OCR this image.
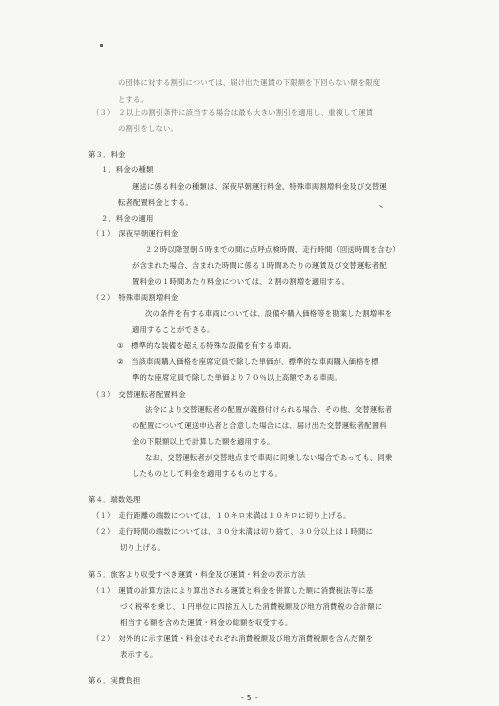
の団体に対する割引については、届け出た運賃の下限額を下回らない額を限度
とする。
（３）　２以上の割引条件に該当する場合は最も大きい割引を適用し、重複して運賃
の割引をしない。
第３．料金
１．料金の種類
運送に係る料金の種類は、深夜早朝運行料金、特殊車両割増料金及び交替運
転者配置料金とする。
２．料金の適用
（１）　深夜早朝運行料金
２２時以降翌朝５時までの間に点呼点検時間、走行時間（回送時間を含む）
が含まれた場合、含まれた時間に係る１時間あたりの運賃及び交替運転者配
置料金の１時間あたり料金については、２割の割増を適用する。
（２）　特殊車両割増料金
次の条件を有する車両については、設備や購入価格等を勘案した割増率を
適用することができる。
①　標準的な装備を超える特殊な設備を有する車両。
②　当該車両購入価格を座席定員で除した単価が、標準的な車両購入価格を標
準的な座席定員で除した単価より７０％以上高額である車両。
（３）　交替運転者配置料金
法令により交替運転者の配置が義務付けられる場合、その他、交替運転者
の配置について運送申込者と合意した場合には、届け出た交替運転者配置料
金の下限額以上で計算した額を適用する。
なお、交替運転者が交替地点まで車両に同乗しない場合であっても、同乗
したものとして料金を適用するものとする。
第４．端数処理
（１）　走行距離の端数については、１０キロ未満は１０キロに切り上げる。
（２）　走行時間の端数については、３０分未満は切り捨て、３０分以上は１時間に
切り上げる。
第５．旅客より収受すべき運賃・料金及び運賃・料金の表示方法
（１）　運賃の計算方法により算出される運賃と料金を併算した額に消費税法等に基
づく税率を乗じ、１円単位に四捨五入した消費税額及び地方消費税の合計額に
相当する額を含めた運賃・料金の総額を収受する。
（２）　対外的に示す運賃・料金はそれぞれ消費税額及び地方消費税額を含んだ額を
表示する。
第６．実費負担
- 5 -
